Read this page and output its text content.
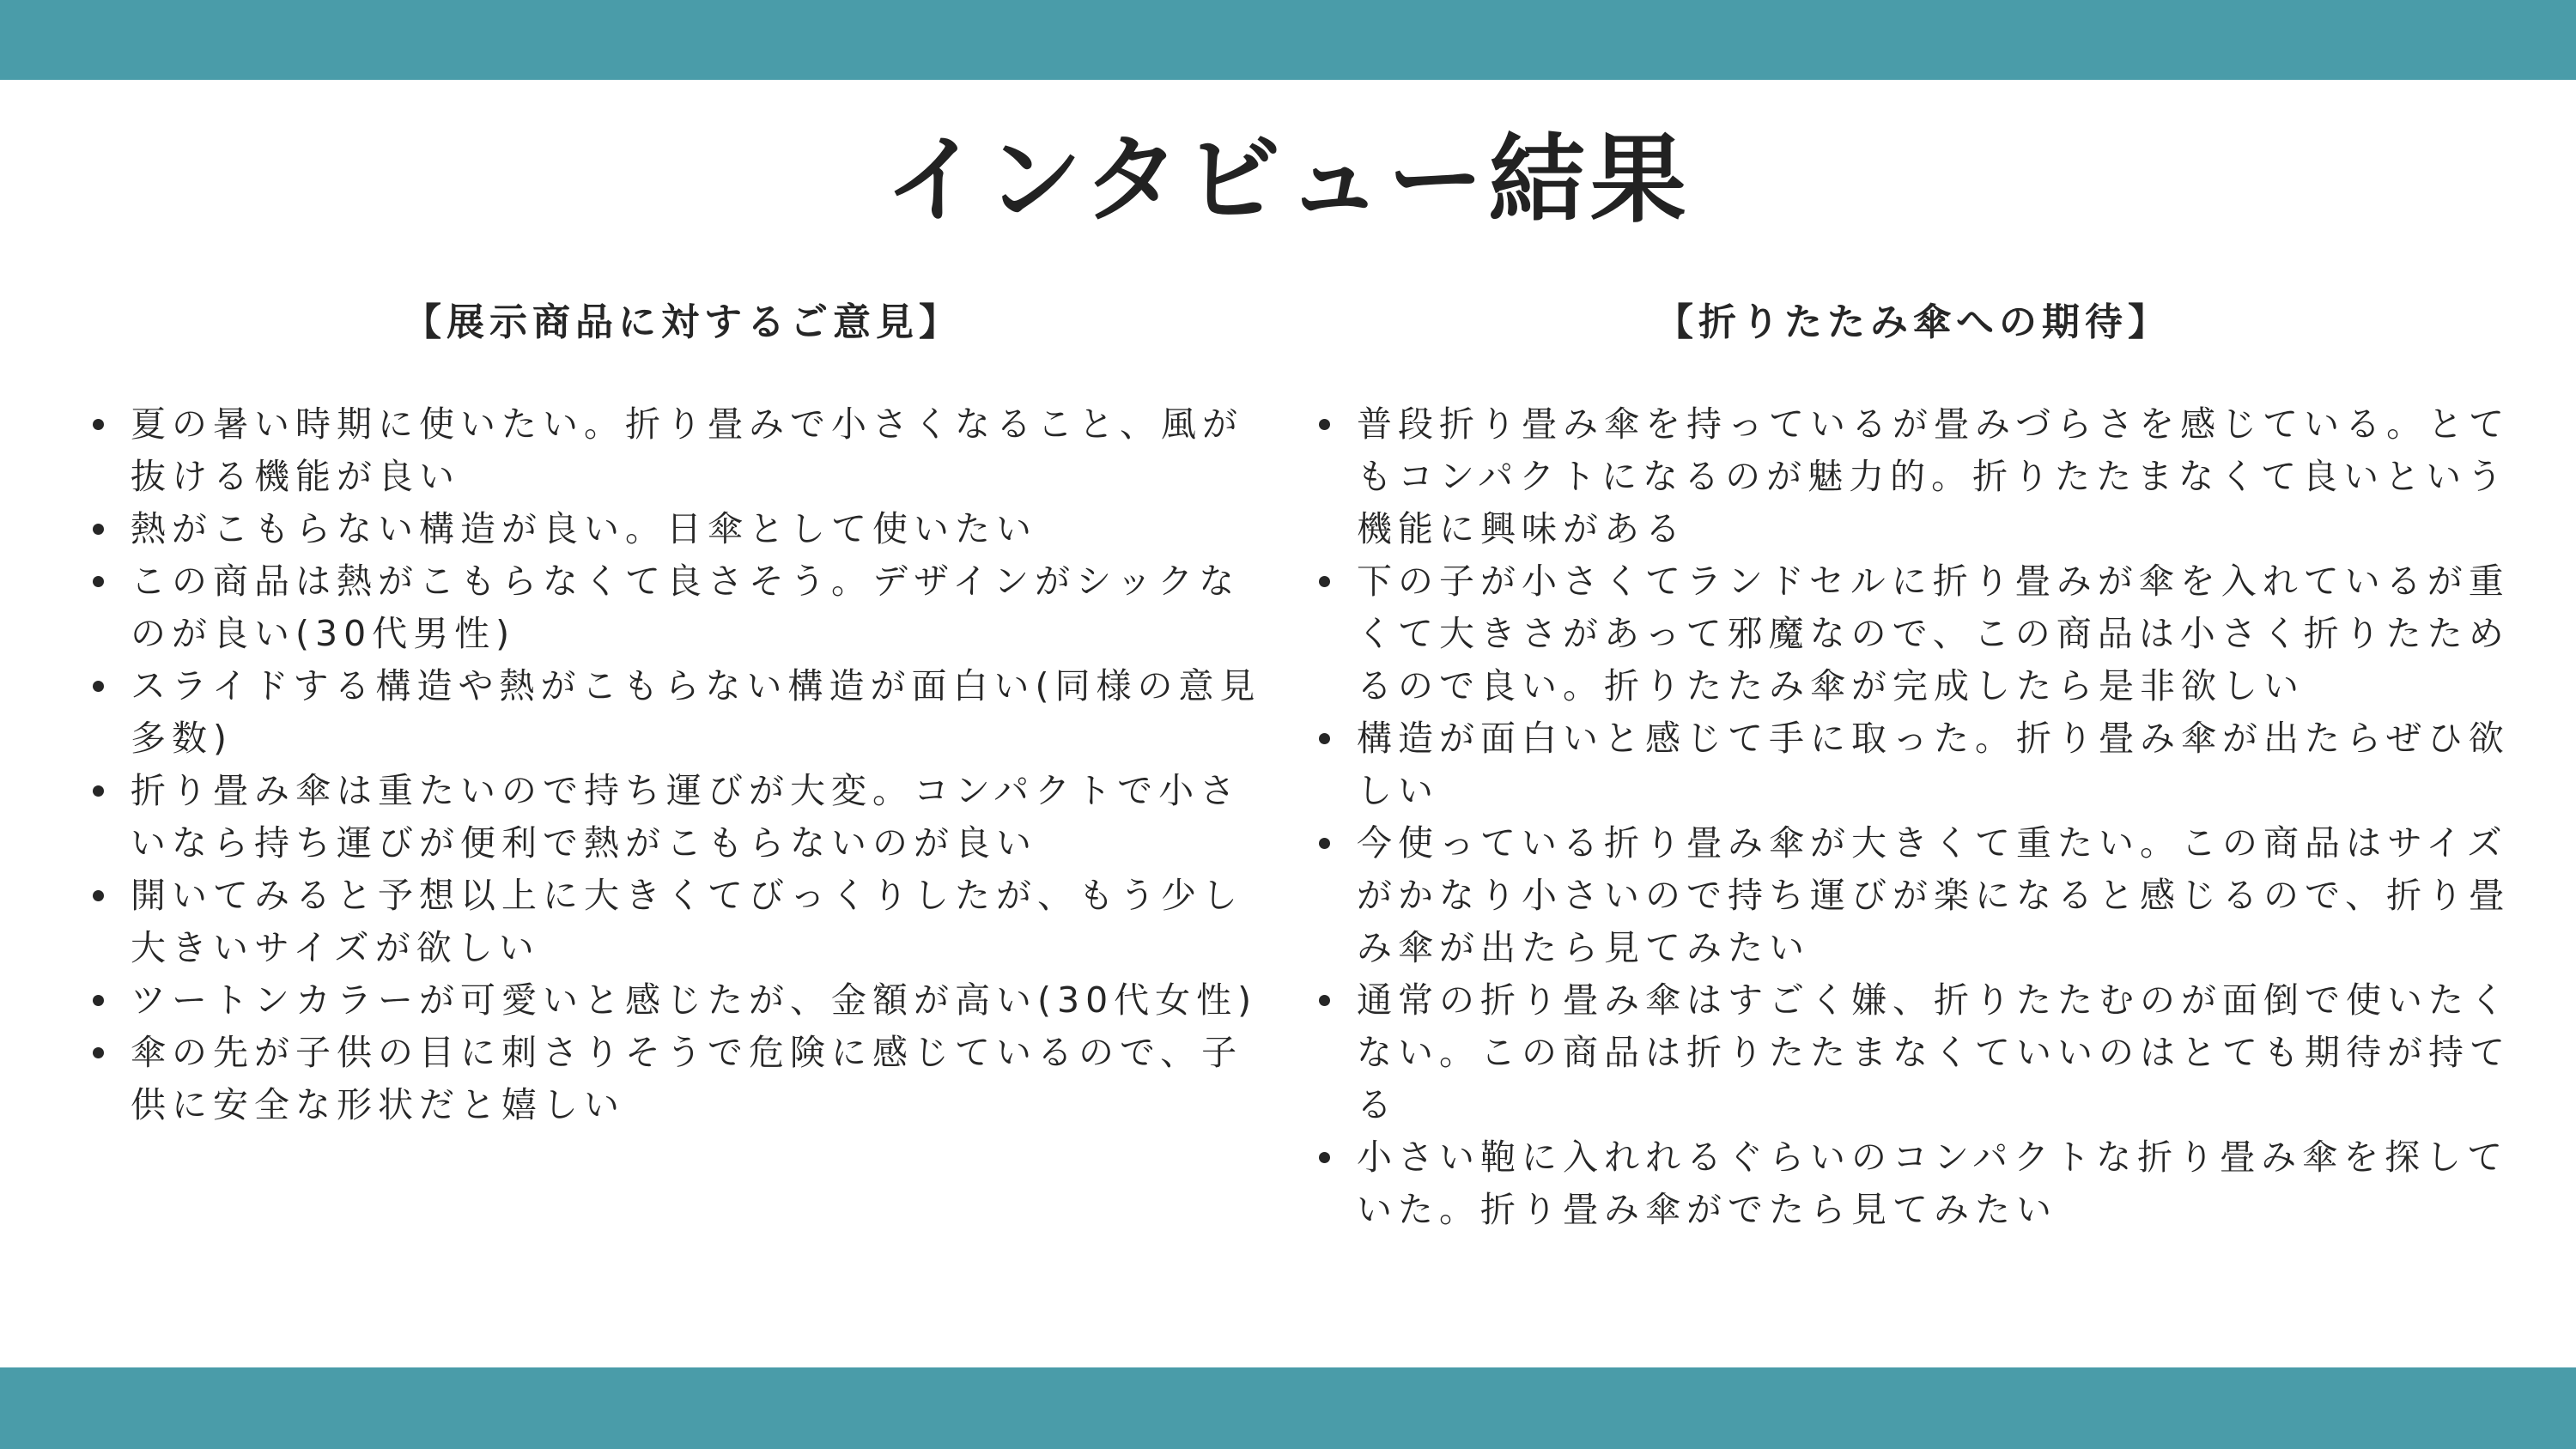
インタビュー結果
【展示商品に対するご意見】
夏の暑い時期に使いたい。折り畳みで小さくなること、風が抜ける機能が良い
熱がこもらない構造が良い。日傘として使いたい
この商品は熱がこもらなくて良さそう。デザインがシックなのが良い(30代男性)
スライドする構造や熱がこもらない構造が面白い(同様の意見多数)
折り畳み傘は重たいので持ち運びが大変。コンパクトで小さいなら持ち運びが便利で熱がこもらないのが良い
開いてみると予想以上に大きくてびっくりしたが、もう少し大きいサイズが欲しい
ツートンカラーが可愛いと感じたが、金額が高い(30代女性)
傘の先が子供の目に刺さりそうで危険に感じているので、子供に安全な形状だと嬉しい
【折りたたみ傘への期待】
普段折り畳み傘を持っているが畳みづらさを感じている。とてもコンパクトになるのが魅力的。折りたたまなくて良いという機能に興味がある
下の子が小さくてランドセルに折り畳みが傘を入れているが重くて大きさがあって邪魔なので、この商品は小さく折りたためるので良い。折りたたみ傘が完成したら是非欲しい
構造が面白いと感じて手に取った。折り畳み傘が出たらぜひ欲しい
今使っている折り畳み傘が大きくて重たい。この商品はサイズがかなり小さいので持ち運びが楽になると感じるので、折り畳み傘が出たら見てみたい
通常の折り畳み傘はすごく嫌、折りたたむのが面倒で使いたくない。この商品は折りたたまなくていいのはとても期待が持てる
小さい鞄に入れれるぐらいのコンパクトな折り畳み傘を探していた。折り畳み傘がでたら見てみたい
